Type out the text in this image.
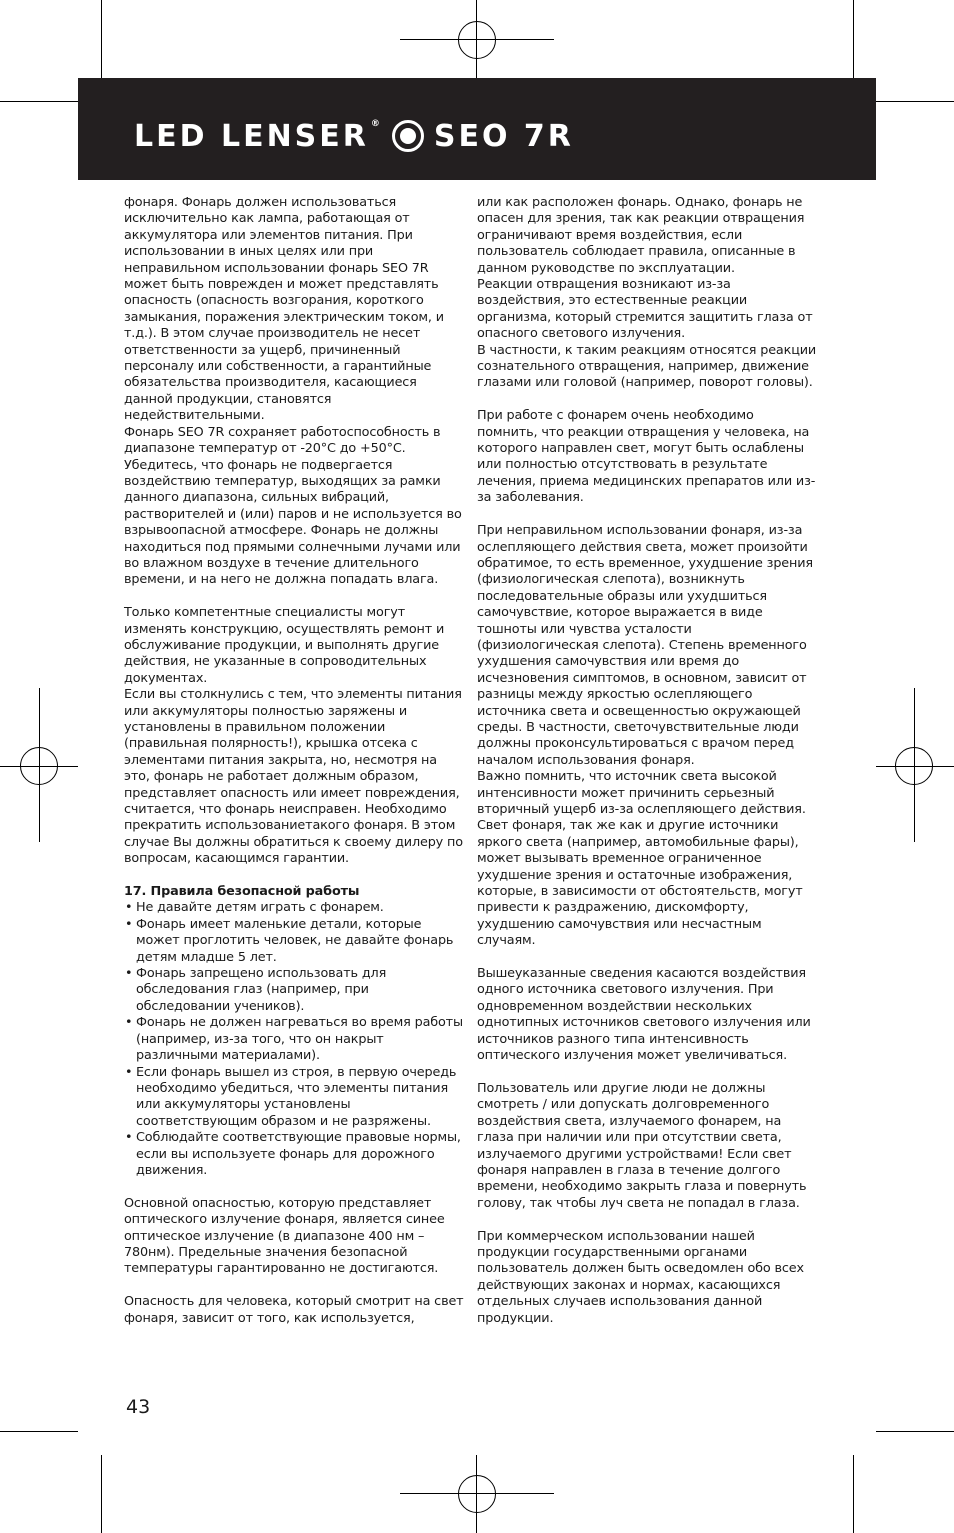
LED LENSER ® SEO 7R

фонаря. Фонарь должен использоваться исключительно как лампа, работающая от аккумулятора или элементов питания. При использовании в иных целях или при неправильном использовании фонарь SEO 7R может быть поврежден и может представлять опасность (опасность возгорания, короткого замыкания, поражения электрическим током, и т.д.). В этом случае производитель не несет ответственности за ущерб, причиненный персоналу или собственности, а гарантийные обязательства производителя, касающиеся данной продукции, становятся недействительными.

Фонарь SEO 7R сохраняет работоспособность в диапазоне температур от -20°C до +50°C. Убедитесь, что фонарь не подвергается воздействию температур, выходящих за рамки данного диапазона, сильных вибраций, растворителей и (или) паров и не используется во взрывоопасной атмосфере. Фонарь не должны находиться под прямыми солнечными лучами или во влажном воздухе в течение длительного времени, и на него не должна попадать влага.

Только компетентные специалисты могут изменять конструкцию, осуществлять ремонт и обслуживание продукции, и выполнять другие действия, не указанные в сопроводительных документах.

Если вы столкнулись с тем, что элементы питания или аккумуляторы полностью заряжены и установлены в правильном положении (правильная полярность!), крышка отсека с элементами питания закрыта, но, несмотря на это, фонарь не работает должным образом, представляет опасность или имеет повреждения, считается, что фонарь неисправен. Необходимо прекратить использованиетакого фонаря. В этом случае Вы должны обратиться к своему дилеру по вопросам, касающимся гарантии.

17. Правила безопасной работы
• Не давайте детям играть с фонарем.
• Фонарь имеет маленькие детали, которые может проглотить человек, не давайте фонарь детям младше 5 лет.
• Фонарь запрещено использовать для обследования глаз (например, при обследовании учеников).
• Фонарь не должен нагреваться во время работы (например, из-за того, что он накрыт различными материалами).
• Если фонарь вышел из строя, в первую очередь необходимо убедиться, что элементы питания или аккумуляторы установлены соответствующим образом и не разряжены.
• Соблюдайте соответствующие правовые нормы, если вы используете фонарь для дорожного движения.

Основной опасностью, которую представляет оптического излучение фонаря, является синее оптическое излучение (в диапазоне 400 нм – 780нм). Предельные значения безопасной температуры гарантированно не достигаются.

Опасность для человека, который смотрит на свет фонаря, зависит от того, как используется,

или как расположен фонарь. Однако, фонарь не опасен для зрения, так как реакции отвращения ограничивают время воздействия, если пользователь соблюдает правила, описанные в данном руководстве по эксплуатации.

Реакции отвращения возникают из-за воздействия, это естественные реакции организма, который стремится защитить глаза от опасного светового излучения.

В частности, к таким реакциям относятся реакции сознательного отвращения, например, движение глазами или головой (например, поворот головы).

При работе с фонарем очень необходимо помнить, что реакции отвращения у человека, на которого направлен свет, могут быть ослаблены или полностью отсутствовать в результате лечения, приема медицинских препаратов или из-за заболевания.

При неправильном использовании фонаря, из-за ослепляющего действия света, может произойти обратимое, то есть временное, ухудшение зрения (физиологическая слепота), возникнуть последовательные образы или ухудшиться самочувствие, которое выражается в виде тошноты или чувства усталости (физиологическая слепота). Степень временного ухудшения самочувствия или время до исчезновения симптомов, в основном, зависит от разницы между яркостью ослепляющего источника света и освещенностью окружающей среды. В частности, светочувствительные люди должны проконсультироваться с врачом перед началом использования фонаря.

Важно помнить, что источник света высокой интенсивности может причинить серьезный вторичный ущерб из-за ослепляющего действия. Свет фонаря, так же как и другие источники яркого света (например, автомобильные фары), может вызывать временное ограниченное ухудшение зрения и остаточные изображения, которые, в зависимости от обстоятельств, могут привести к раздражению, дискомфорту, ухудшению самочувствия или несчастным случаям.

Вышеуказанные сведения касаются воздействия одного источника светового излучения. При одновременном воздействии нескольких однотипных источников светового излучения или источников разного типа интенсивность оптического излучения может увеличиваться.

Пользователь или другие люди не должны смотреть / или допускать долговременного воздействия света, излучаемого фонарем, на глаза при наличии или при отсутствии света, излучаемого другими устройствами! Если свет фонаря направлен в глаза в течение долгого времени, необходимо закрыть глаза и повернуть голову, так чтобы луч света не попадал в глаза.

При коммерческом использовании нашей продукции государственными органами пользователь должен быть осведомлен обо всех действующих законах и нормах, касающихся отдельных случаев использования данной продукции.

43
